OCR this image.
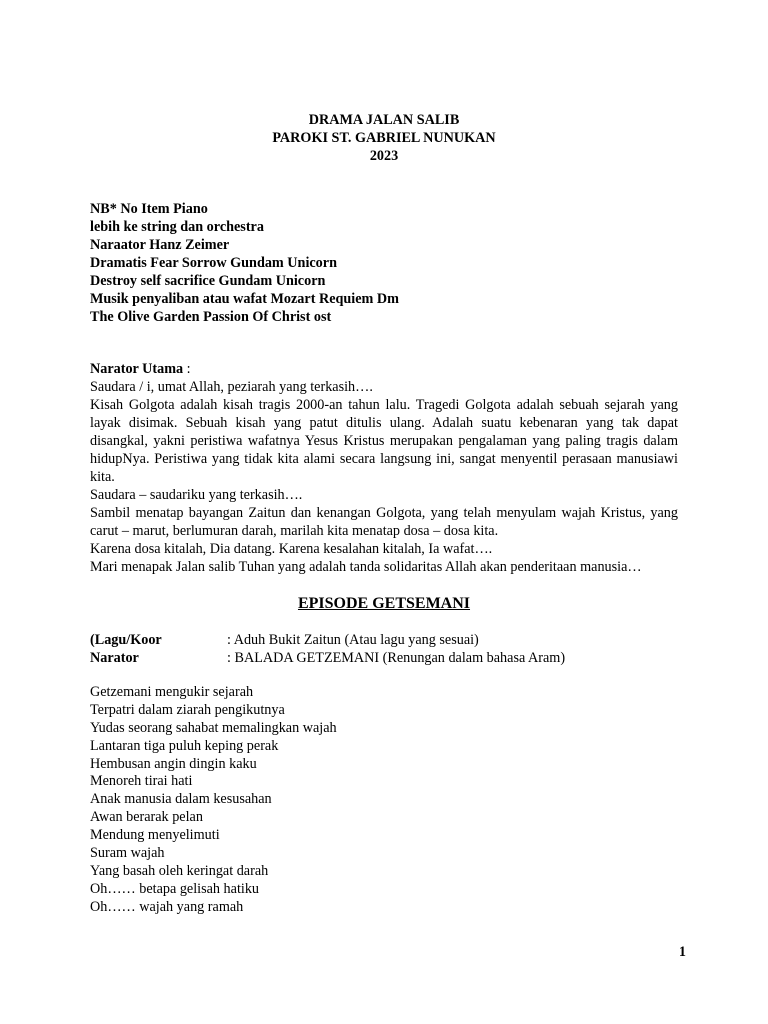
DRAMA JALAN SALIB
PAROKI ST. GABRIEL NUNUKAN
2023
NB* No Item Piano
lebih ke string dan orchestra
Naraator Hanz Zeimer
Dramatis Fear Sorrow Gundam Unicorn
Destroy self sacrifice Gundam Unicorn
Musik penyaliban atau wafat Mozart Requiem Dm
The Olive Garden Passion Of Christ ost
Narator Utama :

Saudara / i, umat Allah, peziarah yang terkasih….

Kisah Golgota adalah kisah tragis 2000-an tahun lalu. Tragedi Golgota adalah sebuah sejarah yang layak disimak. Sebuah kisah yang patut ditulis ulang. Adalah suatu kebenaran yang tak dapat disangkal, yakni peristiwa wafatnya Yesus Kristus merupakan pengalaman yang paling tragis dalam hidupNya. Peristiwa yang tidak kita alami secara langsung ini, sangat menyentil perasaan manusiawi kita.

Saudara – saudariku yang terkasih….

Sambil menatap bayangan Zaitun dan kenangan Golgota, yang telah menyulam wajah Kristus, yang carut – marut, berlumuran darah, marilah kita menatap dosa – dosa kita.

Karena dosa kitalah, Dia datang. Karena kesalahan kitalah, Ia wafat….

Mari menapak Jalan salib Tuhan yang adalah tanda solidaritas Allah akan penderitaan manusia…

EPISODE GETSEMANI
(Lagu/Koor	: Aduh Bukit Zaitun (Atau lagu yang sesuai)
Narator	: BALADA GETZEMANI (Renungan dalam bahasa Aram)
Getzemani mengukir sejarah
Terpatri dalam ziarah pengikutnya
Yudas seorang sahabat memalingkan wajah
Lantaran tiga puluh keping perak
Hembusan angin dingin kaku
Menoreh tirai hati
Anak manusia dalam kesusahan
Awan berarak pelan
Mendung menyelimuti
Suram wajah
Yang basah oleh keringat darah
Oh…… betapa gelisah hatiku
Oh…… wajah yang ramah
1
